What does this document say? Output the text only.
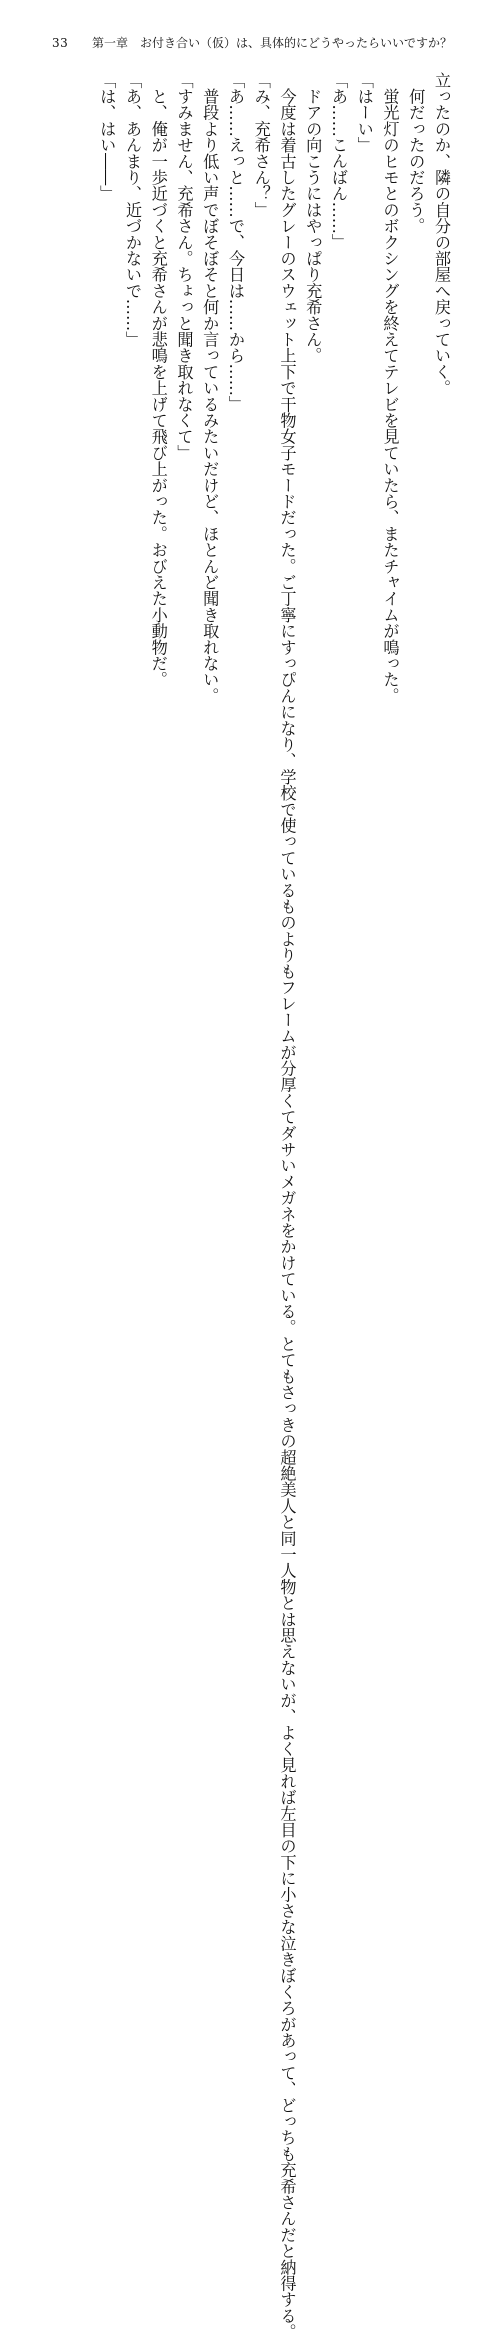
33 第一章　お付き合い（仮）は、具体的にどうやったらいいですか？
立ったのか、隣の自分の部屋へ戻っていく。
　何だったのだろう。
　蛍光灯のヒモとのボクシングを終えてテレビを見ていたら、またチャイムが鳴った。
「はーい」
「あ……こんばん……」
　ドアの向こうにはやっぱり充希さん。
　今度は着古したグレーのスウェット上下で干物女子モードだった。ご丁寧にすっぴんになり、学校で使っているものよりもフレームが分厚くてダサいメガネをかけている。とてもさっきの超絶美人と同一人物とは思えないが、よく見れば左目の下に小さな泣きぼくろがあって、どっちも充希さんだと納得する。
「み、充希さん？」
「あ……えっと……で、今日は……から……」
　普段より低い声でぼそぼそと何か言っているみたいだけど、ほとんど聞き取れない。
「すみません、充希さん。ちょっと聞き取れなくて」
　と、俺が一歩近づくと充希さんが悲鳴を上げて飛び上がった。おびえた小動物だ。
「あ、あんまり、近づかないで……」
「は、はい――」
